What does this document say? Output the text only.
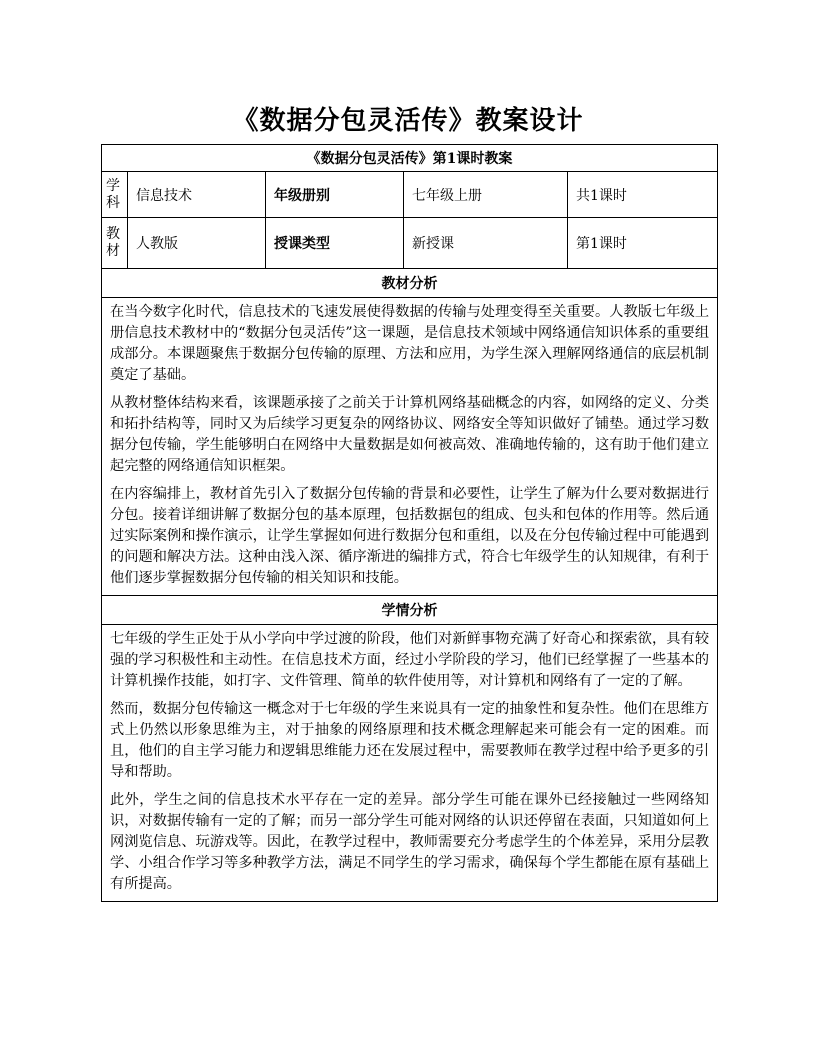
《数据分包灵活传》教案设计
《数据分包灵活传》第1课时教案				

学科	信息技术	年级册别	七年级上册	共1课时

教材	人教版	授课类型	新授课	第1课时
教材分析				

在当今数字化时代，信息技术的飞速发展使得数据的传输与处理变得至关重要。人教版七年级上册信息技术教材中的“数据分包灵活传”这一课题，是信息技术领域中网络通信知识体系的重要组成部分。本课题聚焦于数据分包传输的原理、方法和应用，为学生深入理解网络通信的底层机制奠定了基础。

从教材整体结构来看，该课题承接了之前关于计算机网络基础概念的内容，如网络的定义、分类和拓扑结构等，同时又为后续学习更复杂的网络协议、网络安全等知识做好了铺垫。通过学习数据分包传输，学生能够明白在网络中大量数据是如何被高效、准确地传输的，这有助于他们建立起完整的网络通信知识框架。

在内容编排上，教材首先引入了数据分包传输的背景和必要性，让学生了解为什么要对数据进行分包。接着详细讲解了数据分包的基本原理，包括数据包的组成、包头和包体的作用等。然后通过实际案例和操作演示，让学生掌握如何进行数据分包和重组，以及在分包传输过程中可能遇到的问题和解决方法。这种由浅入深、循序渐进的编排方式，符合七年级学生的认知规律，有利于他们逐步掌握数据分包传输的相关知识和技能。				

学情分析				

七年级的学生正处于从小学向中学过渡的阶段，他们对新鲜事物充满了好奇心和探索欲，具有较强的学习积极性和主动性。在信息技术方面，经过小学阶段的学习，他们已经掌握了一些基本的计算机操作技能，如打字、文件管理、简单的软件使用等，对计算机和网络有了一定的了解。

然而，数据分包传输这一概念对于七年级的学生来说具有一定的抽象性和复杂性。他们在思维方式上仍然以形象思维为主，对于抽象的网络原理和技术概念理解起来可能会有一定的困难。而且，他们的自主学习能力和逻辑思维能力还在发展过程中，需要教师在教学过程中给予更多的引导和帮助。

此外，学生之间的信息技术水平存在一定的差异。部分学生可能在课外已经接触过一些网络知识，对数据传输有一定的了解；而另一部分学生可能对网络的认识还停留在表面，只知道如何上网浏览信息、玩游戏等。因此，在教学过程中，教师需要充分考虑学生的个体差异，采用分层教学、小组合作学习等多种教学方法，满足不同学生的学习需求，确保每个学生都能在原有基础上有所提高。				
